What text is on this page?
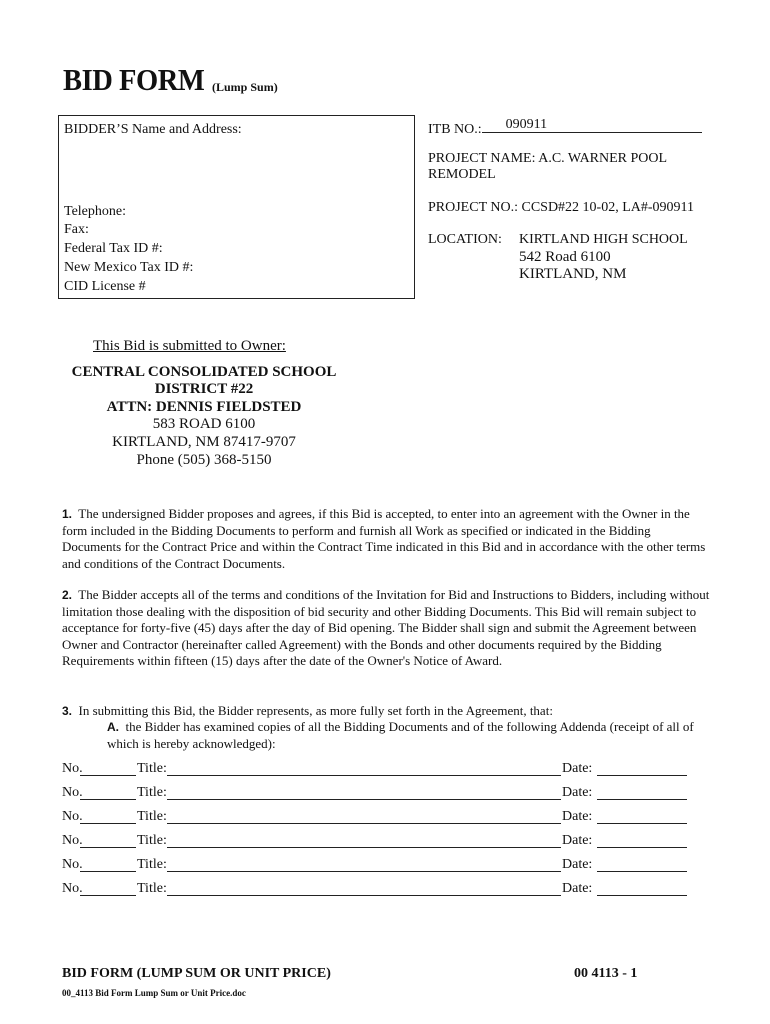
BID FORM (Lump Sum)
BIDDER’S Name and Address:
Telephone:
Fax:
Federal Tax ID #:
New Mexico Tax ID #:
CID License #
ITB NO.: 090911
PROJECT NAME: A.C. WARNER POOL
REMODEL
PROJECT NO.: CCSD#22 10-02, LA#-090911
LOCATION: KIRTLAND HIGH SCHOOL
542 Road 6100
KIRTLAND, NM
This Bid is submitted to Owner:
CENTRAL CONSOLIDATED SCHOOL
DISTRICT #22
ATTN: DENNIS FIELDSTED
583 ROAD 6100
KIRTLAND, NM 87417-9707
Phone (505) 368-5150
1. The undersigned Bidder proposes and agrees, if this Bid is accepted, to enter into an agreement with the Owner in the form included in the Bidding Documents to perform and furnish all Work as specified or indicated in the Bidding Documents for the Contract Price and within the Contract Time indicated in this Bid and in accordance with the other terms and conditions of the Contract Documents.
2. The Bidder accepts all of the terms and conditions of the Invitation for Bid and Instructions to Bidders, including without limitation those dealing with the disposition of bid security and other Bidding Documents. This Bid will remain subject to acceptance for forty-five (45) days after the day of Bid opening. The Bidder shall sign and submit the Agreement between Owner and Contractor (hereinafter called Agreement) with the Bonds and other documents required by the Bidding Requirements within fifteen (15) days after the date of the Owner's Notice of Award.
3. In submitting this Bid, the Bidder represents, as more fully set forth in the Agreement, that:
A. the Bidder has examined copies of all the Bidding Documents and of the following Addenda (receipt of all of which is hereby acknowledged):
No.	Title:	Date:
No.	Title:	Date:
No.	Title:	Date:
No.	Title:	Date:
No.	Title:	Date:
No.	Title:	Date:
BID FORM (LUMP SUM OR UNIT PRICE)	00 4113 - 1
00_4113 Bid Form Lump Sum or Unit Price.doc
